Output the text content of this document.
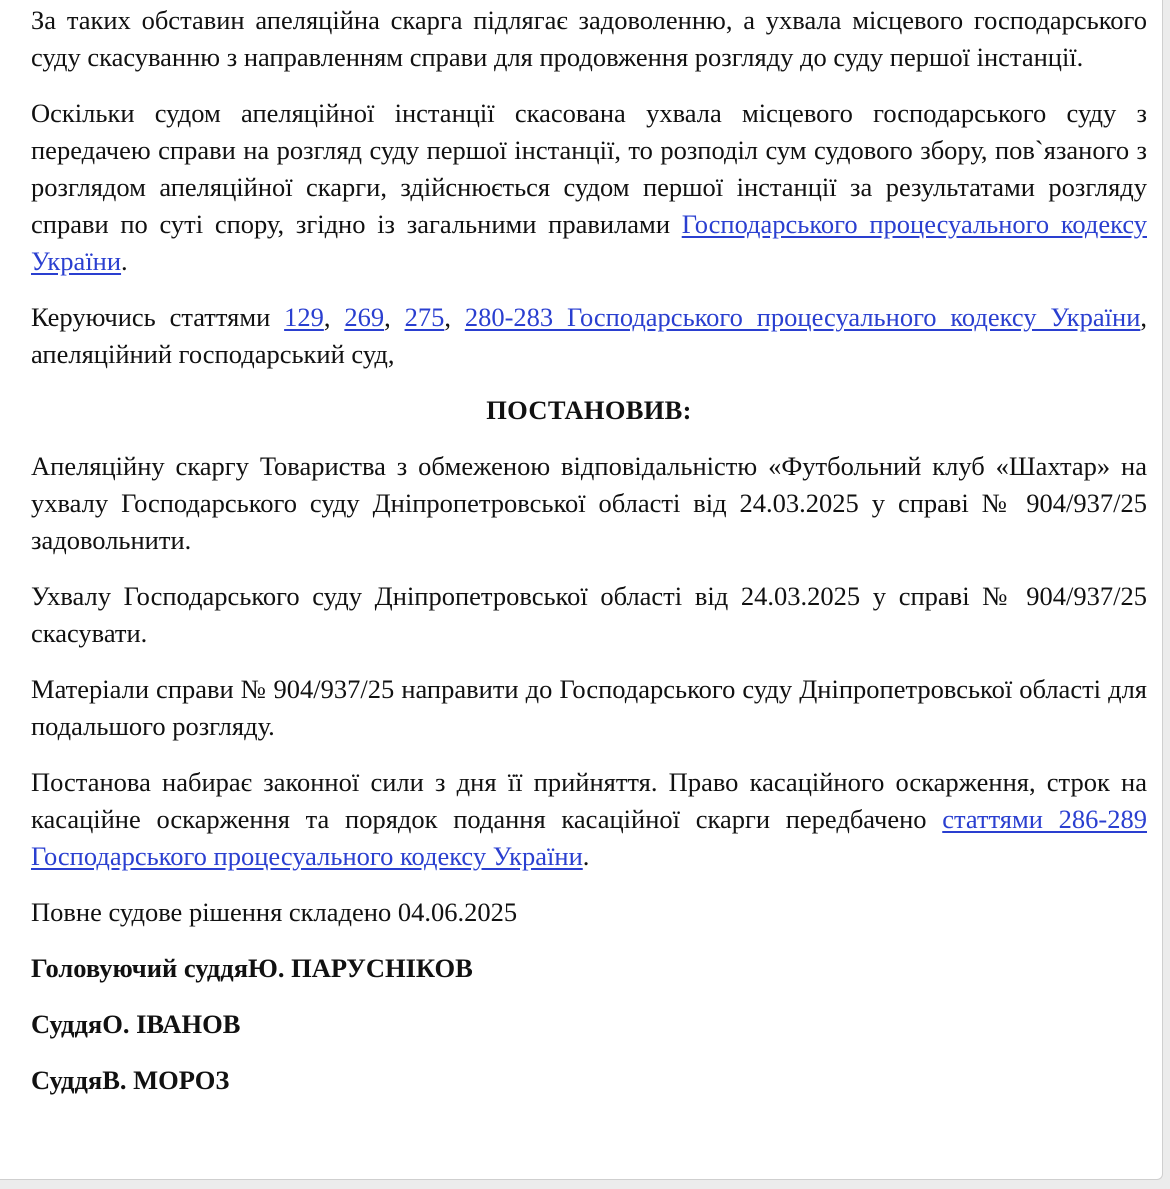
За таких обставин апеляційна скарга підлягає задоволенню, а ухвала місцевого господарського суду скасуванню з направленням справи для продовження розгляду до суду першої інстанції.

Оскільки судом апеляційної інстанції скасована ухвала місцевого господарського суду з передачею справи на розгляд суду першої інстанції, то розподіл сум судового збору, пов`язаного з розглядом апеляційної скарги, здійснюється судом першої інстанції за результатами розгляду справи по суті спору, згідно із загальними правилами Господарського процесуального кодексу України.

Керуючись статтями 129, 269, 275, 280-283 Господарського процесуального кодексу України, апеляційний господарський суд,

ПОСТАНОВИВ:

Апеляційну скаргу Товариства з обмеженою відповідальністю «Футбольний клуб «Шахтар» на ухвалу Господарського суду Дніпропетровської області від 24.03.2025 у справі № 904/937/25 задовольнити.

Ухвалу Господарського суду Дніпропетровської області від 24.03.2025 у справі № 904/937/25 скасувати.

Матеріали справи № 904/937/25 направити до Господарського суду Дніпропетровської області для подальшого розгляду.

Постанова набирає законної сили з дня її прийняття. Право касаційного оскарження, строк на касаційне оскарження та порядок подання касаційної скарги передбачено статтями 286-289 Господарського процесуального кодексу України.

Повне судове рішення складено 04.06.2025

Головуючий суддяЮ. ПАРУСНІКОВ

СуддяО. ІВАНОВ

СуддяВ. МОРОЗ
